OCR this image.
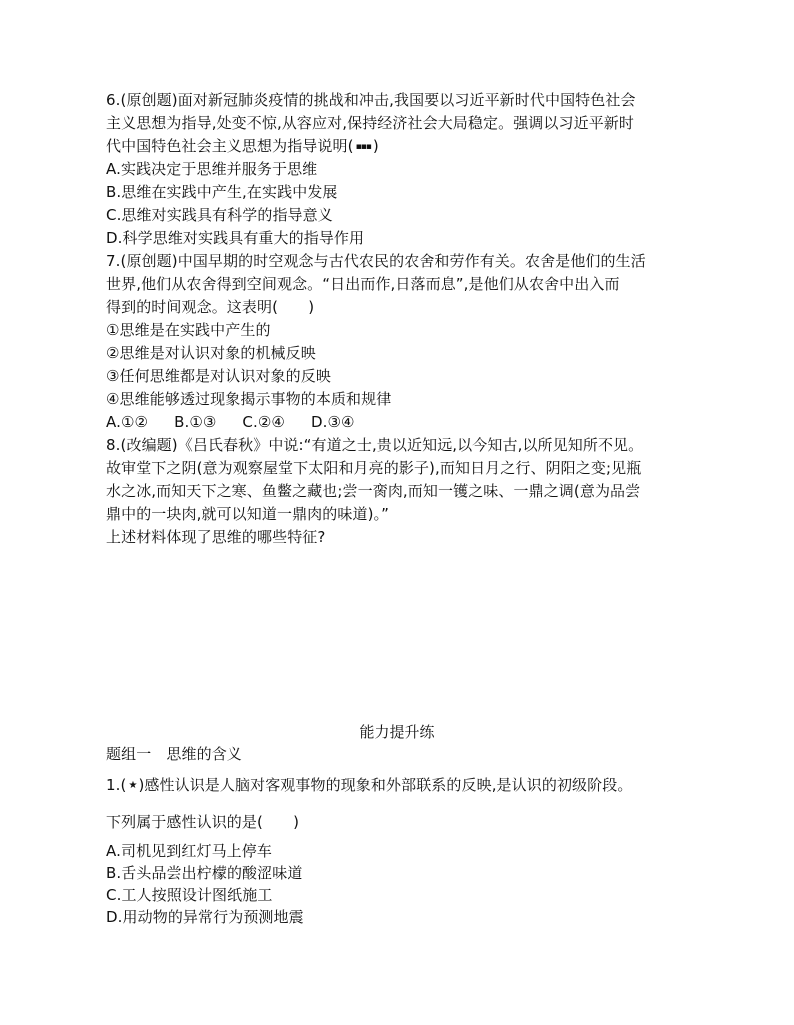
6.(原创题)面对新冠肺炎疫情的挑战和冲击,我国要以习近平新时代中国特色社会
主义思想为指导,处变不惊,从容应对,保持经济社会大局稳定。强调以习近平新时
代中国特色社会主义思想为指导说明( ▪▪▪ )
A.实践决定于思维并服务于思维
B.思维在实践中产生,在实践中发展
C.思维对实践具有科学的指导意义
D.科学思维对实践具有重大的指导作用
7.(原创题)中国早期的时空观念与古代农民的农舍和劳作有关。农舍是他们的生活
世界,他们从农舍得到空间观念。“日出而作,日落而息”,是他们从农舍中出入而
得到的时间观念。这表明(　　)
①思维是在实践中产生的
②思维是对认识对象的机械反映
③任何思维都是对认识对象的反映
④思维能够透过现象揭示事物的本质和规律
A.①② B.①③ C.②④ D.③④
8.(改编题)《吕氏春秋》中说:“有道之士,贵以近知远,以今知古,以所见知所不见。
故审堂下之阴(意为观察屋堂下太阳和月亮的影子),而知日月之行、阴阳之变;见瓶
水之冰,而知天下之寒、鱼鳖之藏也;尝一脔肉,而知一镬之味、一鼎之调(意为品尝
鼎中的一块肉,就可以知道一鼎肉的味道)。”
上述材料体现了思维的哪些特征?
能力提升练
题组一　思维的含义
1.( ★ )感性认识是人脑对客观事物的现象和外部联系的反映,是认识的初级阶段。
下列属于感性认识的是(　　)
A.司机见到红灯马上停车
B.舌头品尝出柠檬的酸涩味道
C.工人按照设计图纸施工
D.用动物的异常行为预测地震
